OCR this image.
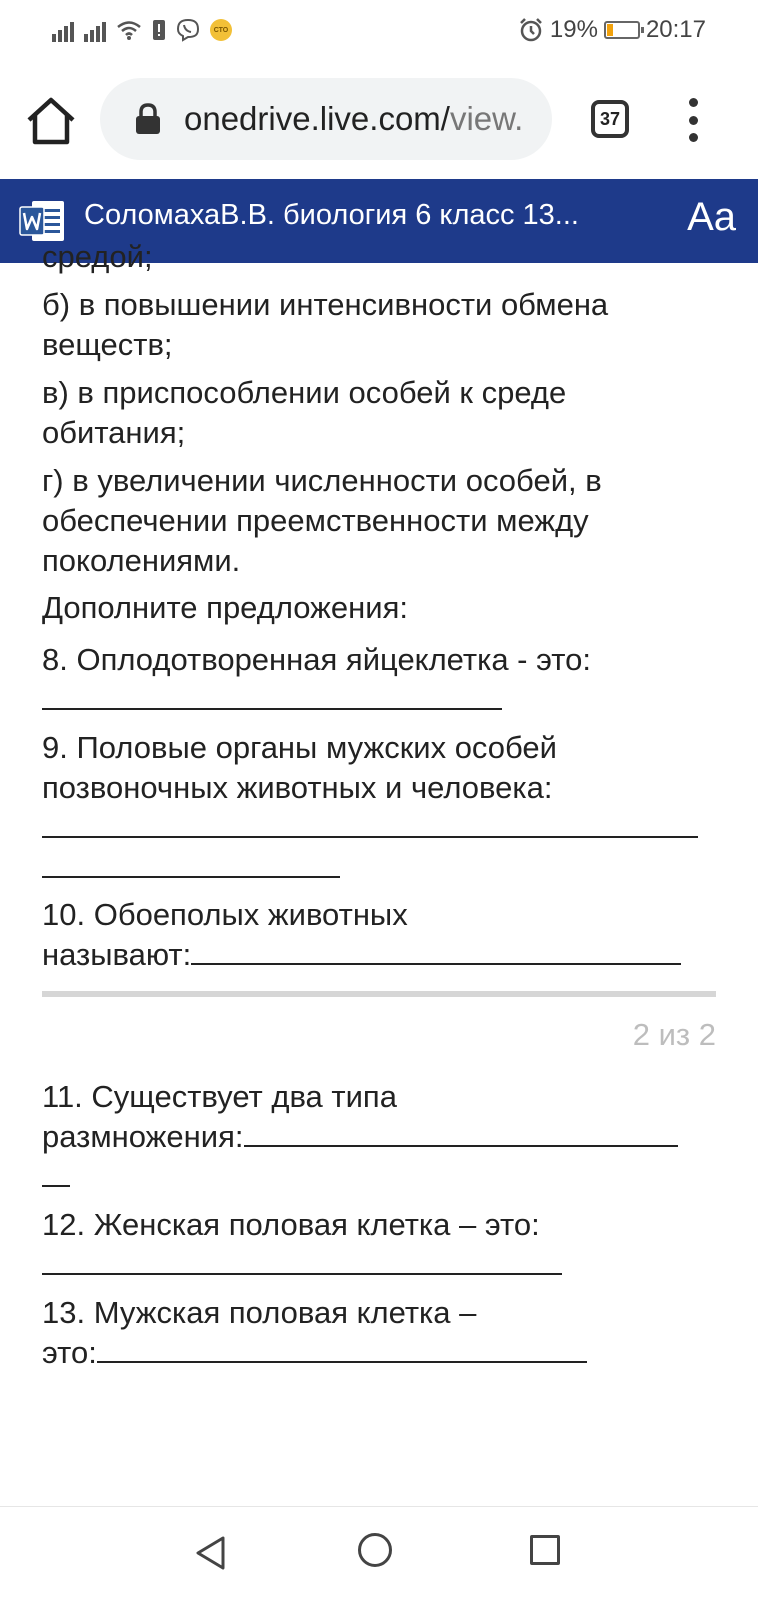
СТО	19% 20:17
onedrive.live.com/view.	37
СоломахаВ.В. биология 6 класс 13...	Aa
средой;
б) в повышении интенсивности обмена
веществ;
в) в приспособлении особей к среде
обитания;
г) в увеличении численности особей, в
обеспечении преемственности между
поколениями.
Дополните предложения:
8. Оплодотворенная яйцеклетка - это:
9. Половые органы мужских особей
позвоночных животных и человека:
10. Обоеполых животных
называют:
2 из 2
11. Существует два типа
размножения:
12. Женская половая клетка – это:
13. Мужская половая клетка –
это:
